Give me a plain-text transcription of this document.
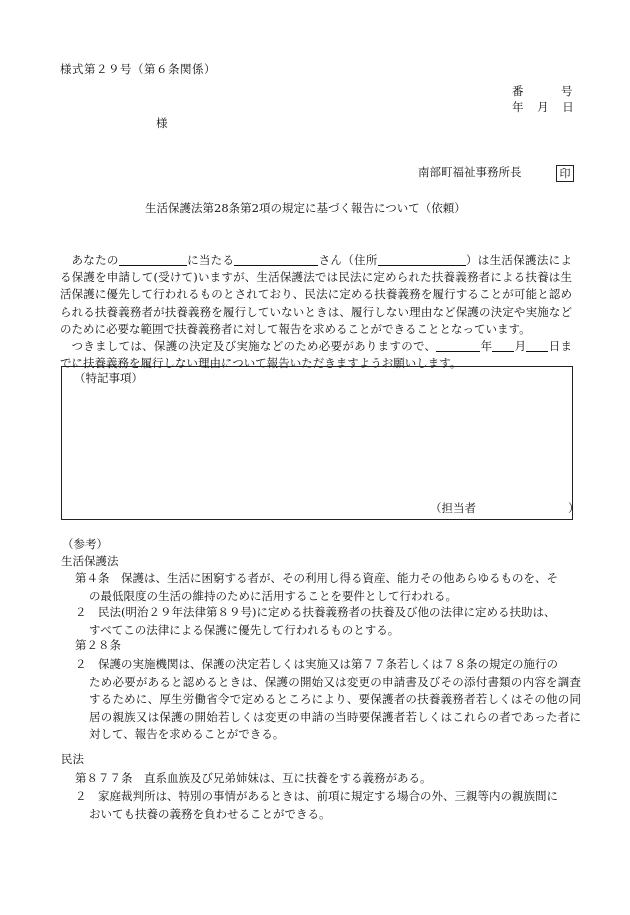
様式第２９号（第６条関係）
番	号
年 月 日
様
南部町福祉事務所長	印
生活保護法第28条第2項の規定に基づく報告について（依頼）

あなたの	に当たる	さん（住所	）は生活保護法による保護を申請して(受けて)いますが、生活保護法では民法に定められた扶養義務者による扶養は生活保護に優先して行われるものとされており、民法に定める扶養義務を履行することが可能と認められる扶養義務者が扶養義務を履行していないときは、履行しない理由など保護の決定や実施などのために必要な範囲で扶養義務者に対して報告を求めることができることとなっています。

つきましては、保護の決定及び実施などのため必要がありますので、	年 月 日までに扶養義務を履行しない理由について報告いただきますようお願いします。

（特記事項）
（担当者　　　　　　　　）
（参考）
生活保護法
第４条　保護は、生活に困窮する者が、その利用し得る資産、能力その他あらゆるものを、そ
の最低限度の生活の維持のために活用することを要件として行われる。
２　民法(明治２９年法律第８９号)に定める扶養義務者の扶養及び他の法律に定める扶助は、
すべてこの法律による保護に優先して行われるものとする。
第２８条
２　保護の実施機関は、保護の決定若しくは実施又は第７７条若しくは７８条の規定の施行の
ため必要があると認めるときは、保護の開始又は変更の申請書及びその添付書類の内容を調査するために、厚生労働省令で定めるところにより、要保護者の扶養義務者若しくはその他の同居の親族又は保護の開始若しくは変更の申請の当時要保護者若しくはこれらの者であった者に対して、報告を求めることができる。
民法
第８７７条　直系血族及び兄弟姉妹は、互に扶養をする義務がある。
２　家庭裁判所は、特別の事情があるときは、前項に規定する場合の外、三親等内の親族間に
おいても扶養の義務を負わせることができる。
